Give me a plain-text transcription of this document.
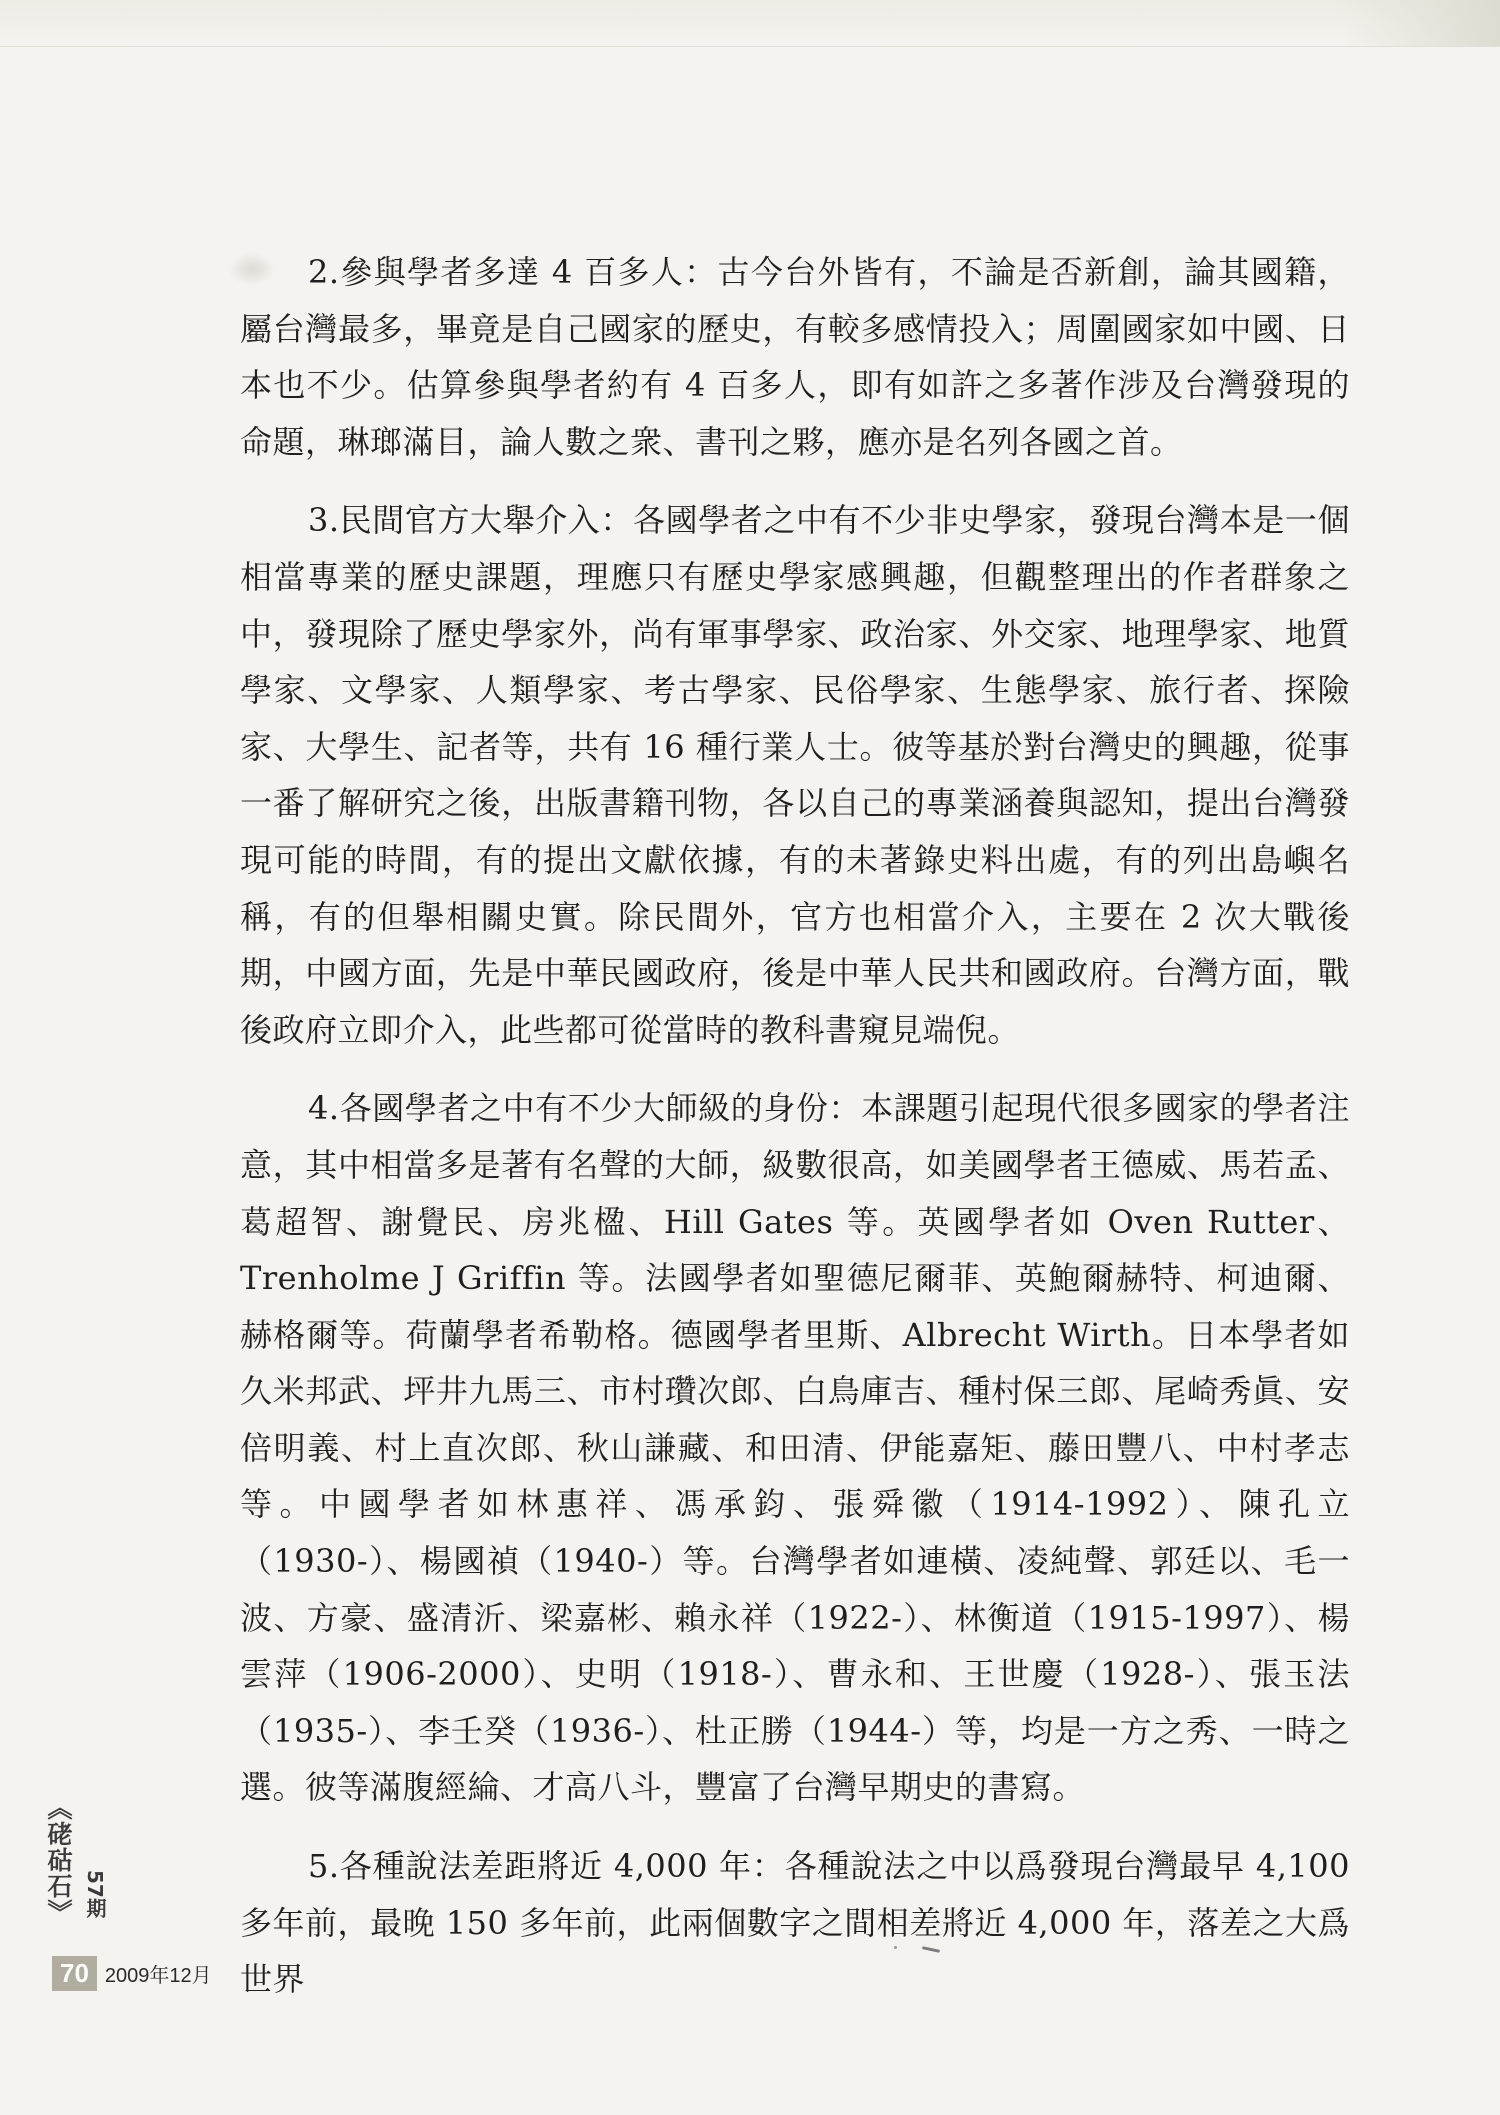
2.參與學者多達 4 百多人：古今台外皆有，不論是否新創，論其國籍，屬台灣最多，畢竟是自己國家的歷史，有較多感情投入；周圍國家如中國、日本也不少。估算參與學者約有 4 百多人，即有如許之多著作涉及台灣發現的命題，琳瑯滿目，論人數之衆、書刊之夥，應亦是名列各國之首。

3.民間官方大舉介入：各國學者之中有不少非史學家，發現台灣本是一個相當專業的歷史課題，理應只有歷史學家感興趣，但觀整理出的作者群象之中，發現除了歷史學家外，尚有軍事學家、政治家、外交家、地理學家、地質學家、文學家、人類學家、考古學家、民俗學家、生態學家、旅行者、探險家、大學生、記者等，共有 16 種行業人士。彼等基於對台灣史的興趣，從事一番了解研究之後，出版書籍刊物，各以自己的專業涵養與認知，提出台灣發現可能的時間，有的提出文獻依據，有的未著錄史料出處，有的列出島嶼名稱，有的但舉相關史實。除民間外，官方也相當介入，主要在 2 次大戰後期，中國方面，先是中華民國政府，後是中華人民共和國政府。台灣方面，戰後政府立即介入，此些都可從當時的教科書窺見端倪。

4.各國學者之中有不少大師級的身份：本課題引起現代很多國家的學者注意，其中相當多是著有名聲的大師，級數很高，如美國學者王德威、馬若孟、葛超智、謝覺民、房兆楹、Hill Gates 等。英國學者如 Oven Rutter、Trenholme J Griffin 等。法國學者如聖德尼爾菲、英鮑爾赫特、柯迪爾、赫格爾等。荷蘭學者希勒格。德國學者里斯、Albrecht Wirth。日本學者如久米邦武、坪井九馬三、市村瓚次郎、白鳥庫吉、種村保三郎、尾崎秀眞、安倍明義、村上直次郎、秋山謙藏、和田清、伊能嘉矩、藤田豐八、中村孝志等。中國學者如林惠祥、馮承鈞、張舜徽（1914-1992）、陳孔立（1930-）、楊國禎（1940-）等。台灣學者如連橫、凌純聲、郭廷以、毛一波、方豪、盛清沂、梁嘉彬、賴永祥（1922-）、林衡道（1915-1997）、楊雲萍（1906-2000）、史明（1918-）、曹永和、王世慶（1928-）、張玉法（1935-）、李壬癸（1936-）、杜正勝（1944-）等，均是一方之秀、一時之選。彼等滿腹經綸、才高八斗，豐富了台灣早期史的書寫。

5.各種說法差距將近 4,000 年：各種說法之中以爲發現台灣最早 4,100 多年前，最晚 150 多年前，此兩個數字之間相差將近 4,000 年，落差之大爲世界

《硓𥑮石》 57期
70 2009年12月
